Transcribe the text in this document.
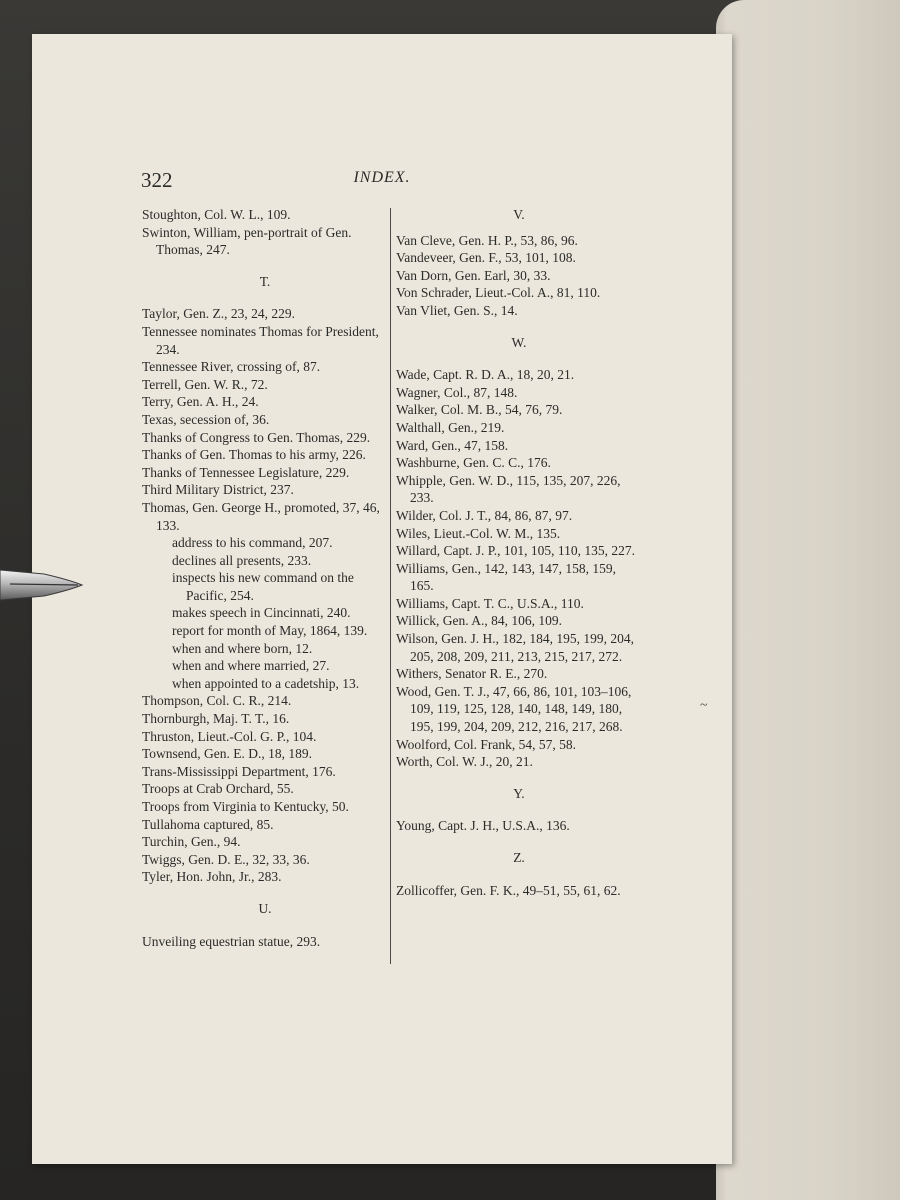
322	INDEX.
Stoughton, Col. W. L., 109.
Swinton, William, pen-portrait of Gen. Thomas, 247.
T.
Taylor, Gen. Z., 23, 24, 229.
Tennessee nominates Thomas for President, 234.
Tennessee River, crossing of, 87.
Terrell, Gen. W. R., 72.
Terry, Gen. A. H., 24.
Texas, secession of, 36.
Thanks of Congress to Gen. Thomas, 229.
Thanks of Gen. Thomas to his army, 226.
Thanks of Tennessee Legislature, 229.
Third Military District, 237.
Thomas, Gen. George H., promoted, 37, 46, 133.
address to his command, 207.
declines all presents, 233.
inspects his new command on the Pacific, 254.
makes speech in Cincinnati, 240.
report for month of May, 1864, 139.
when and where born, 12.
when and where married, 27.
when appointed to a cadetship, 13.
Thompson, Col. C. R., 214.
Thornburgh, Maj. T. T., 16.
Thruston, Lieut.-Col. G. P., 104.
Townsend, Gen. E. D., 18, 189.
Trans-Mississippi Department, 176.
Troops at Crab Orchard, 55.
Troops from Virginia to Kentucky, 50.
Tullahoma captured, 85.
Turchin, Gen., 94.
Twiggs, Gen. D. E., 32, 33, 36.
Tyler, Hon. John, Jr., 283.
U.
Unveiling equestrian statue, 293.
V.
Van Cleve, Gen. H. P., 53, 86, 96.
Vandeveer, Gen. F., 53, 101, 108.
Van Dorn, Gen. Earl, 30, 33.
Von Schrader, Lieut.-Col. A., 81, 110.
Van Vliet, Gen. S., 14.
W.
Wade, Capt. R. D. A., 18, 20, 21.
Wagner, Col., 87, 148.
Walker, Col. M. B., 54, 76, 79.
Walthall, Gen., 219.
Ward, Gen., 47, 158.
Washburne, Gen. C. C., 176.
Whipple, Gen. W. D., 115, 135, 207, 226, 233.
Wilder, Col. J. T., 84, 86, 87, 97.
Wiles, Lieut.-Col. W. M., 135.
Willard, Capt. J. P., 101, 105, 110, 135, 227.
Williams, Gen., 142, 143, 147, 158, 159, 165.
Williams, Capt. T. C., U.S.A., 110.
Willick, Gen. A., 84, 106, 109.
Wilson, Gen. J. H., 182, 184, 195, 199, 204, 205, 208, 209, 211, 213, 215, 217, 272.
Withers, Senator R. E., 270.
Wood, Gen. T. J., 47, 66, 86, 101, 103–106, 109, 119, 125, 128, 140, 148, 149, 180, 195, 199, 204, 209, 212, 216, 217, 268.
Woolford, Col. Frank, 54, 57, 58.
Worth, Col. W. J., 20, 21.
Y.
Young, Capt. J. H., U.S.A., 136.
Z.
Zollicoffer, Gen. F. K., 49–51, 55, 61, 62.
~
